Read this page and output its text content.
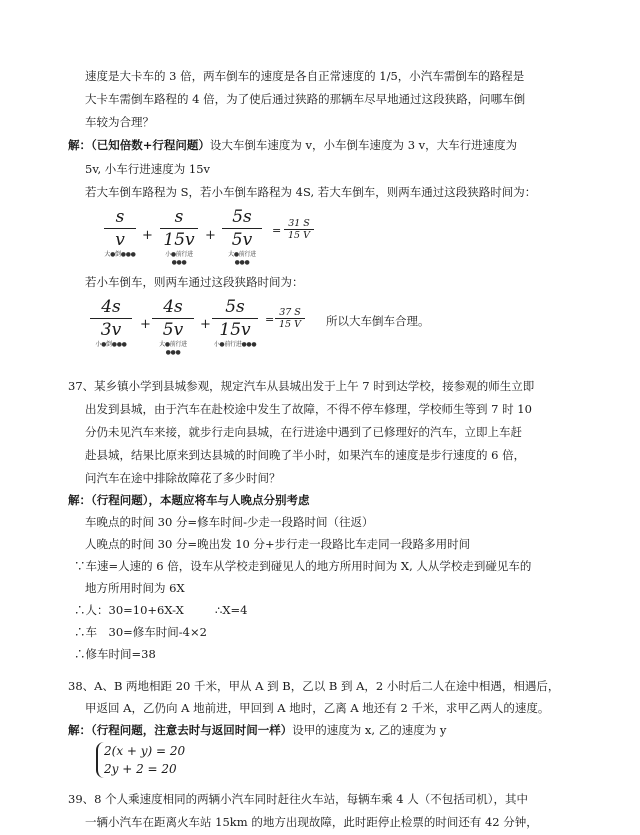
速度是大卡车的 3 倍，两车倒车的速度是各自正常速度的 1/5，小汽车需倒车的路程是
大卡车需倒车路程的 4 倍，为了使后通过狭路的那辆车尽早地通过这段狭路，问哪车倒
车较为合理？
解：（已知倍数+行程问题）设大车倒车速度为 v，小车倒车速度为 3 v，大车行进速度为
5v, 小车行进速度为 15v
若大车倒车路程为 S，若小车倒车路程为 4S, 若大车倒车，则两车通过这段狭路时间为：
s
v
大●倒●●●
+
s
15v
小●前行进●●●
+
5s
5v
大●前行进●●●
= $\frac{31 S}{15 V}$
若小车倒车，则两车通过这段狭路时间为：
4s
3v
小●倒●●●
+
4s
5v
大●前行进●●●
+
5s
15v
小●前行进●●●
= $\frac{37 S}{15 V}$ 所以大车倒车合理。
37、某乡镇小学到县城参观，规定汽车从县城出发于上午 7 时到达学校，接参观的师生立即
出发到县城，由于汽车在赴校途中发生了故障，不得不停车修理，学校师生等到 7 时 10
分仍未见汽车来接，就步行走向县城，在行进途中遇到了已修理好的汽车，立即上车赶
赴县城，结果比原来到达县城的时间晚了半小时，如果汽车的速度是步行速度的 6 倍，
问汽车在途中排除故障花了多少时间？
解：（行程问题），本题应将车与人晚点分别考虑
车晚点的时间 30 分=修车时间-少走一段路时间（往返）
人晚点的时间 30 分=晚出发 10 分+步行走一段路比车走同一段路多用时间
∵车速=人速的 6 倍，设车从学校走到碰见人的地方所用时间为 X, 人从学校走到碰见车的
地方所用时间为 6X
∴人：30=10+6X-X	∴X=4
∴车　30=修车时间-4×2
∴修车时间=38
38、A、B 两地相距 20 千米，甲从 A 到 B，乙以 B 到 A，2 小时后二人在途中相遇，相遇后，
甲返回 A，乙仍向 A 地前进，甲回到 A 地时，乙离 A 地还有 2 千米，求甲乙两人的速度。
解：（行程问题，注意去时与返回时间一样）设甲的速度为 x, 乙的速度为 y
2(x + y) = 20
2y + 2 = 20
39、8 个人乘速度相同的两辆小汽车同时赶往火车站，每辆车乘 4 人（不包括司机），其中
一辆小汽车在距离火车站 15km 的地方出现故障，此时距停止检票的时间还有 42 分钟，
